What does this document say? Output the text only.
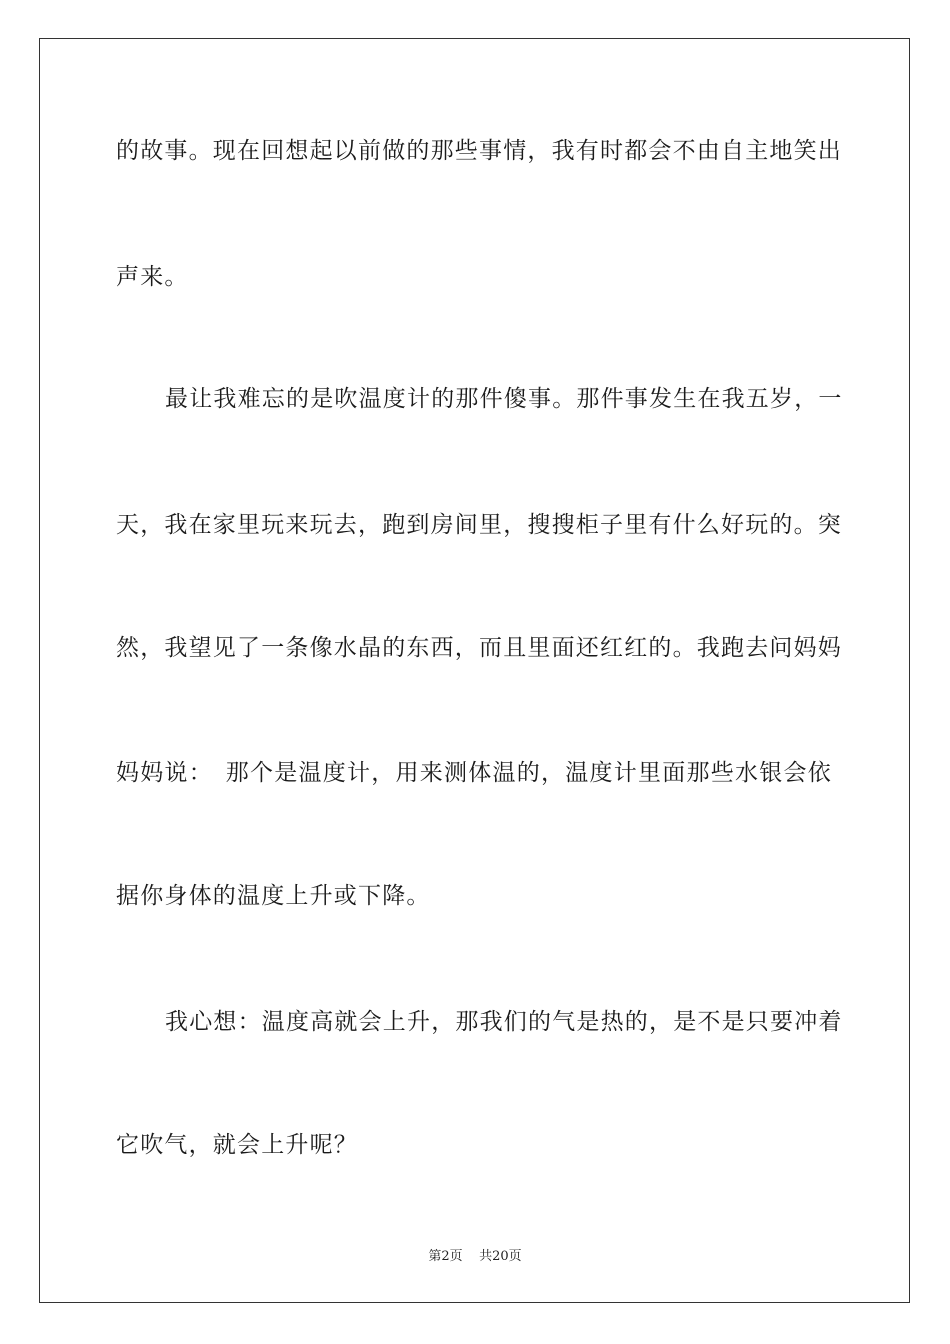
的故事。现在回想起以前做的那些事情，我有时都会不由自主地笑出
声来。
最让我难忘的是吹温度计的那件傻事。那件事发生在我五岁，一
天，我在家里玩来玩去，跑到房间里，搜搜柜子里有什么好玩的。突
然，我望见了一条像水晶的东西，而且里面还红红的。我跑去问妈妈
妈妈说：　那个是温度计，用来测体温的，温度计里面那些水银会依
据你身体的温度上升或下降。
我心想：温度高就会上升，那我们的气是热的，是不是只要冲着
它吹气，就会上升呢？
第2页 共20页
